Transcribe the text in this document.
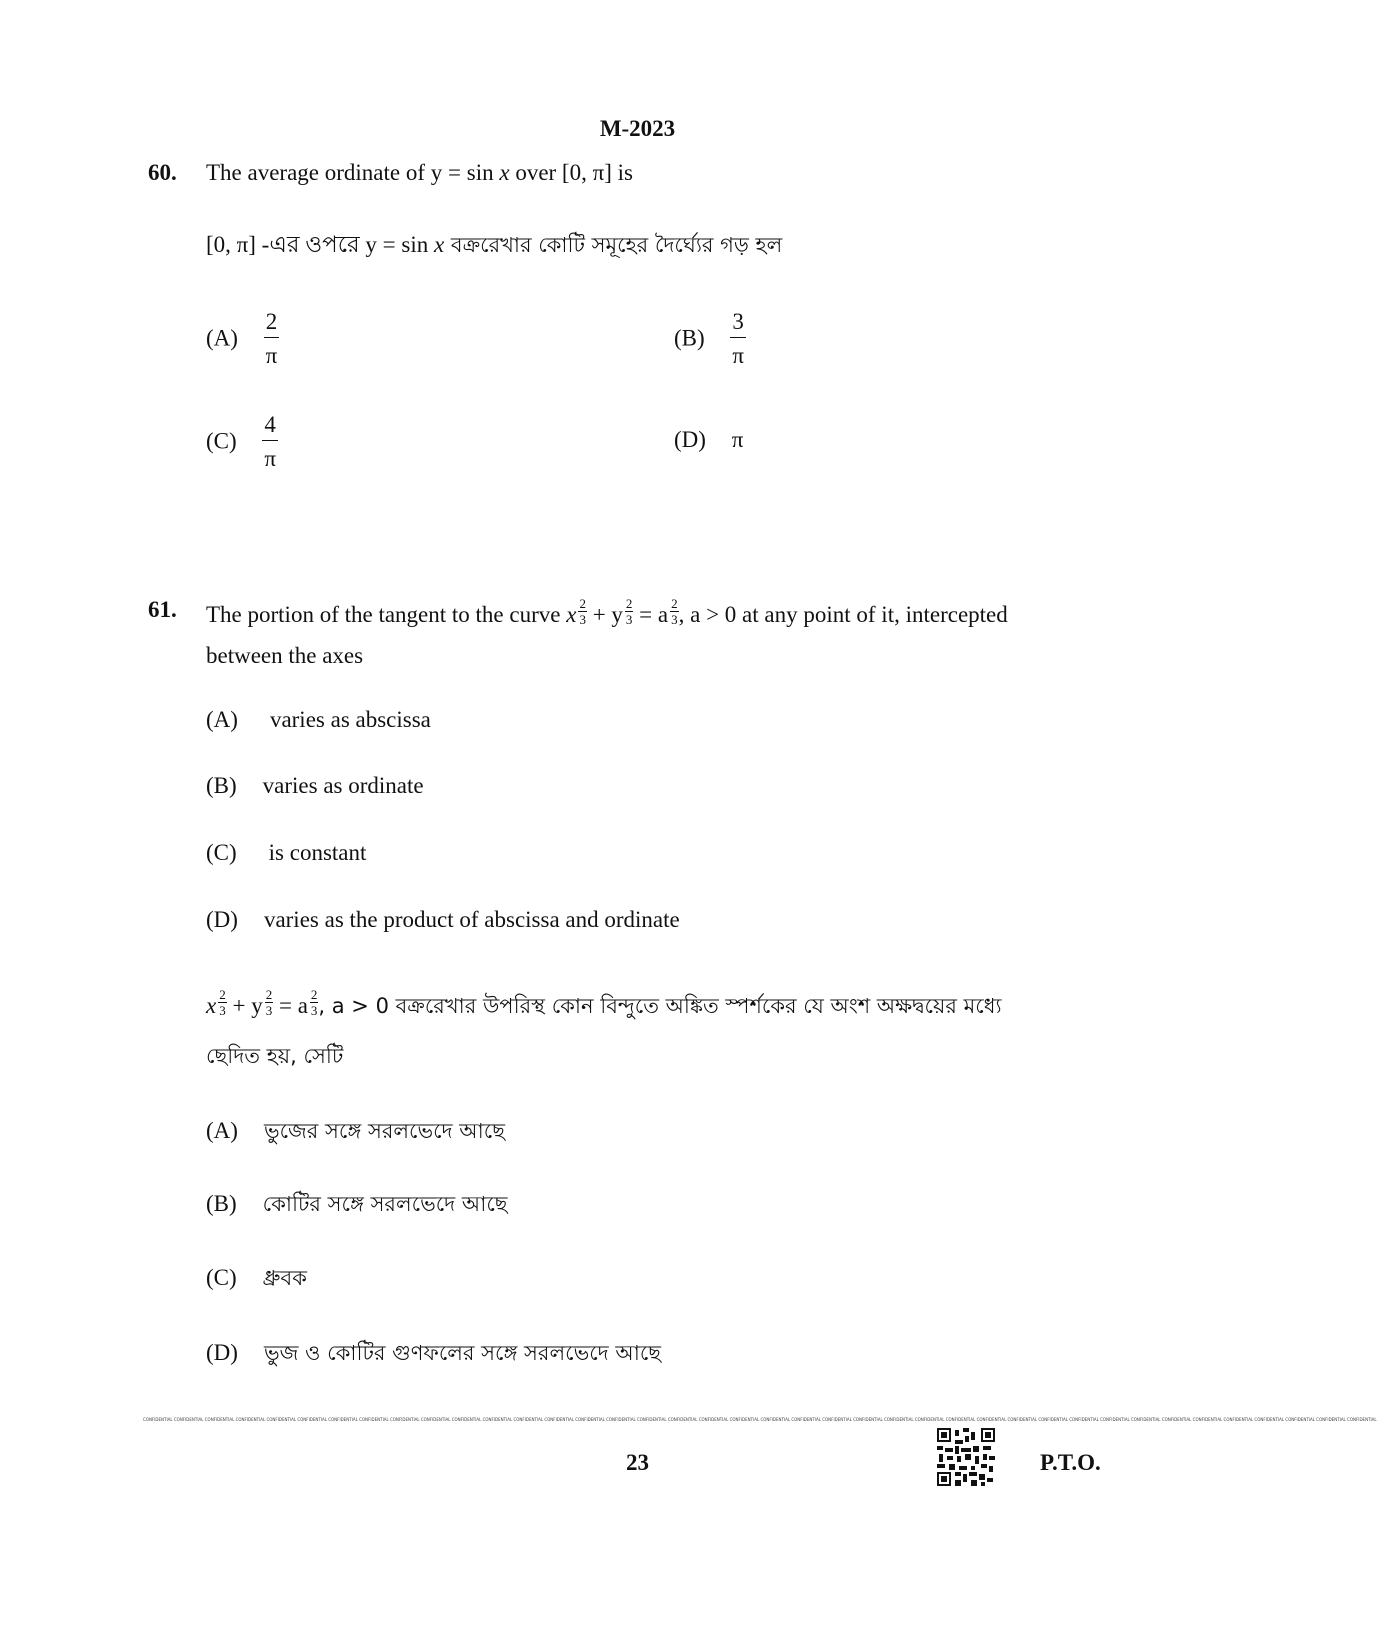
M-2023
60. The average ordinate of y = sin x over [0, π] is
[0, π] -এর ওপরে y = sin x বক্ররেখার কোটি সমূহের দৈর্ঘ্যের গড় হল
$(A) \frac{2}{\pi}$	$(B) \frac{3}{\pi}$
$(C) \frac{4}{\pi}$	(D) π
61. The portion of the tangent to the curve x $\frac{2}{3} + y \frac{2}{3} = a \frac{2}{3}$ , a > 0 at any point of it, intercepted
between the axes
(A) varies as abscissa
(B) varies as ordinate
(C) is constant
(D) varies as the product of abscissa and ordinate
x $\frac{2}{3} + y \frac{2}{3} = a \frac{2}{3}$ , a > 0 বক্ররেখার উপরিস্থ কোন বিন্দুতে অঙ্কিত স্পর্শকের যে অংশ অক্ষদ্বয়ের মধ্যে
ছেদিত হয়, সেটি
(A) ভুজের সঙ্গে সরলভেদে আছে
(B) কোটির সঙ্গে সরলভেদে আছে
(C) ধ্রুবক
(D) ভুজ ও কোটির গুণফলের সঙ্গে সরলভেদে আছে
CONFIDENTIAL CONFIDENTIAL CONFIDENTIAL CONFIDENTIAL CONFIDENTIAL CONFIDENTIAL CONFIDENTIAL CONFIDENTIAL CONFIDENTIAL CONFIDENTIAL CONFIDENTIAL CONFIDENTIAL CONFIDENTIAL CONFIDENTIAL CONFIDENTIAL CONFIDENTIAL CONFIDENTIAL CONFIDENTIAL CONFIDENTIAL CONFIDENTIAL CONFIDENTIAL CONFIDENTIAL CONFIDENTIAL CONFIDENTIAL CONFIDENTIAL CONFIDENTIAL CONFIDENTIAL CONFIDENTIAL CONFIDENTIAL CONFIDENTIAL CONFIDENTIAL CONFIDENTIAL CONFIDENTIAL CONFIDENTIAL CONFIDENTIAL CONFIDENTIAL CONFIDENTIAL CONFIDENTIAL CONFIDENTIAL CONFIDENTIAL
23	P.T.O.
